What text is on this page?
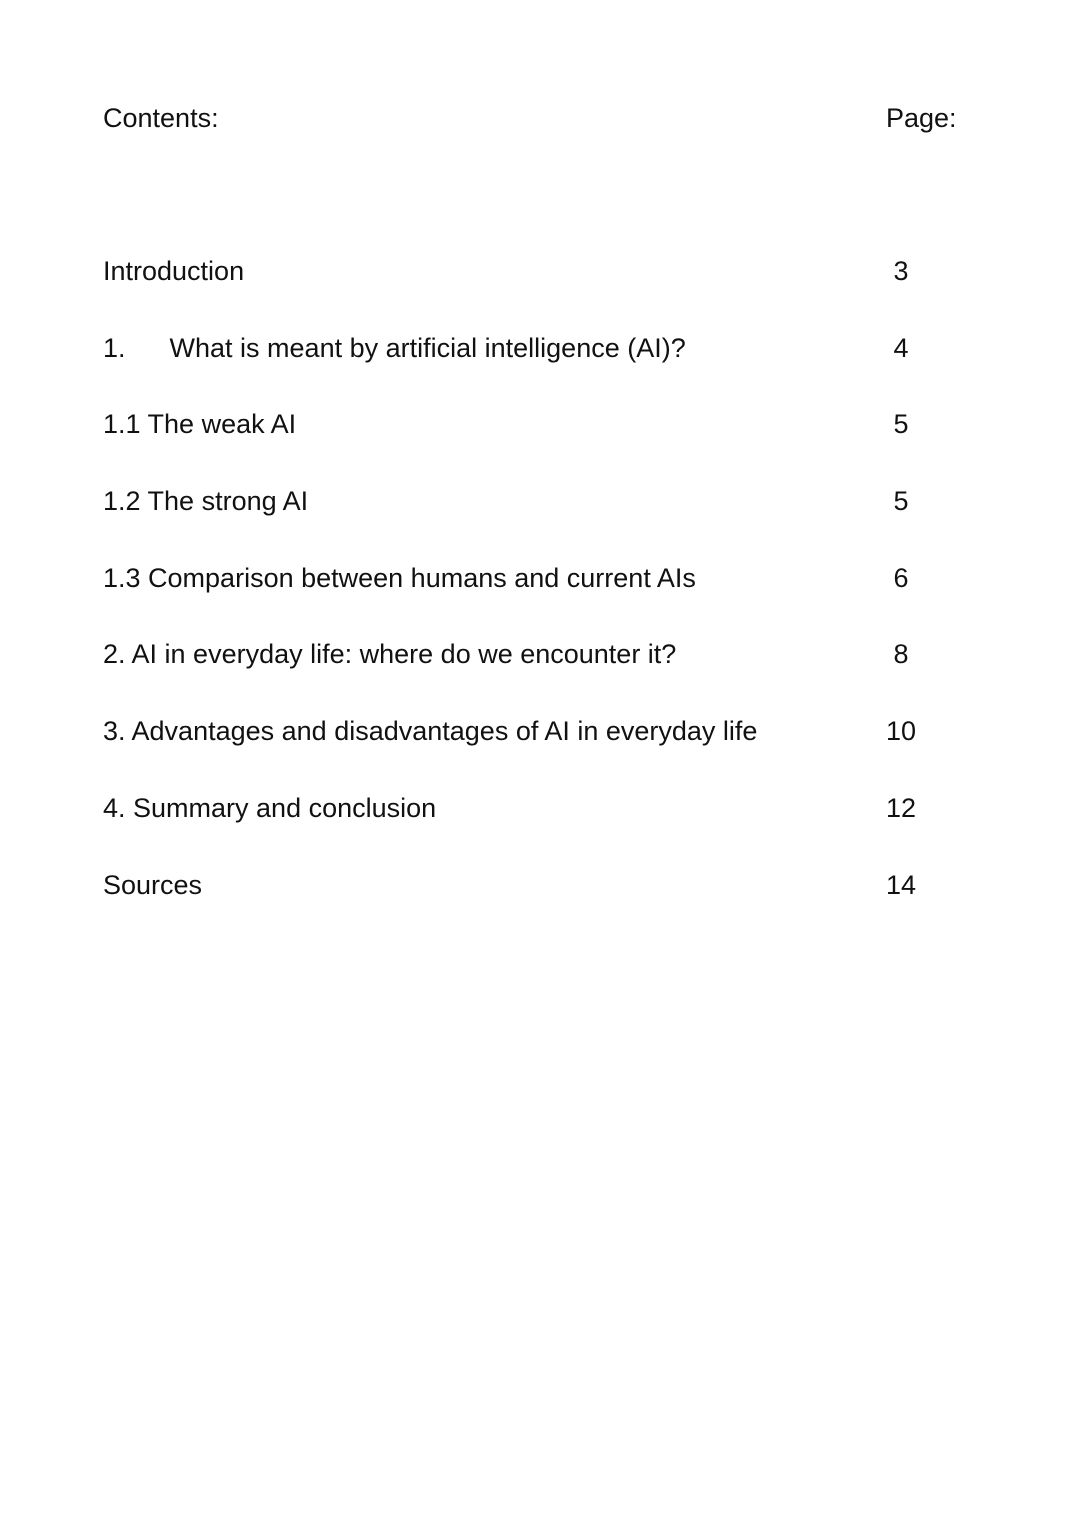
Contents:	Page:
Introduction	3
1. What is meant by artificial intelligence (AI)?	4
1.1 The weak AI	5
1.2 The strong AI	5
1.3 Comparison between humans and current AIs	6
2. AI in everyday life: where do we encounter it?	8
3. Advantages and disadvantages of AI in everyday life	10
4. Summary and conclusion	12
Sources	14
